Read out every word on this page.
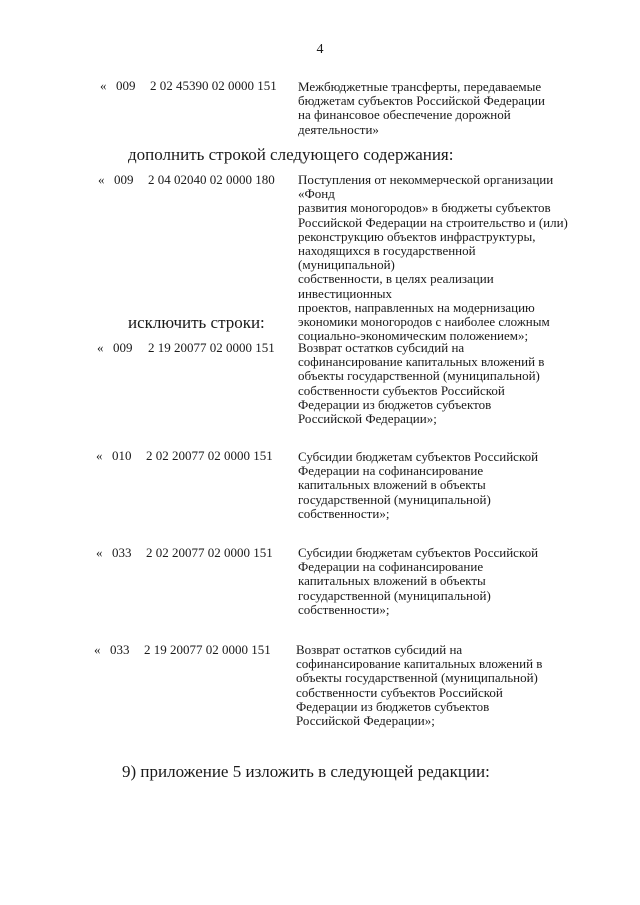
4
« 009 2 02 45390 02 0000 151 Межбюджетные трансферты, передаваемые
бюджетам субъектов Российской Федерации
на финансовое обеспечение дорожной
деятельности»
дополнить строкой следующего содержания:
« 009 2 04 02040 02 0000 180 Поступления от некоммерческой организации «Фонд
развития моногородов» в бюджеты субъектов
Российской Федерации на строительство и (или)
реконструкцию объектов инфраструктуры,
находящихся в государственной (муниципальной)
собственности, в целях реализации инвестиционных
проектов, направленных на модернизацию
экономики моногородов с наиболее сложным
социально-экономическим положением»;
исключить строки:
« 009 2 19 20077 02 0000 151 Возврат остатков субсидий на
софинансирование капитальных вложений в
объекты государственной (муниципальной)
собственности субъектов Российской
Федерации из бюджетов субъектов
Российской Федерации»;
« 010 2 02 20077 02 0000 151 Субсидии бюджетам субъектов Российской
Федерации на софинансирование
капитальных вложений в объекты
государственной (муниципальной)
собственности»;
« 033 2 02 20077 02 0000 151 Субсидии бюджетам субъектов Российской
Федерации на софинансирование
капитальных вложений в объекты
государственной (муниципальной)
собственности»;
« 033 2 19 20077 02 0000 151 Возврат остатков субсидий на
софинансирование капитальных вложений в
объекты государственной (муниципальной)
собственности субъектов Российской
Федерации из бюджетов субъектов
Российской Федерации»;
9) приложение 5 изложить в следующей редакции:
